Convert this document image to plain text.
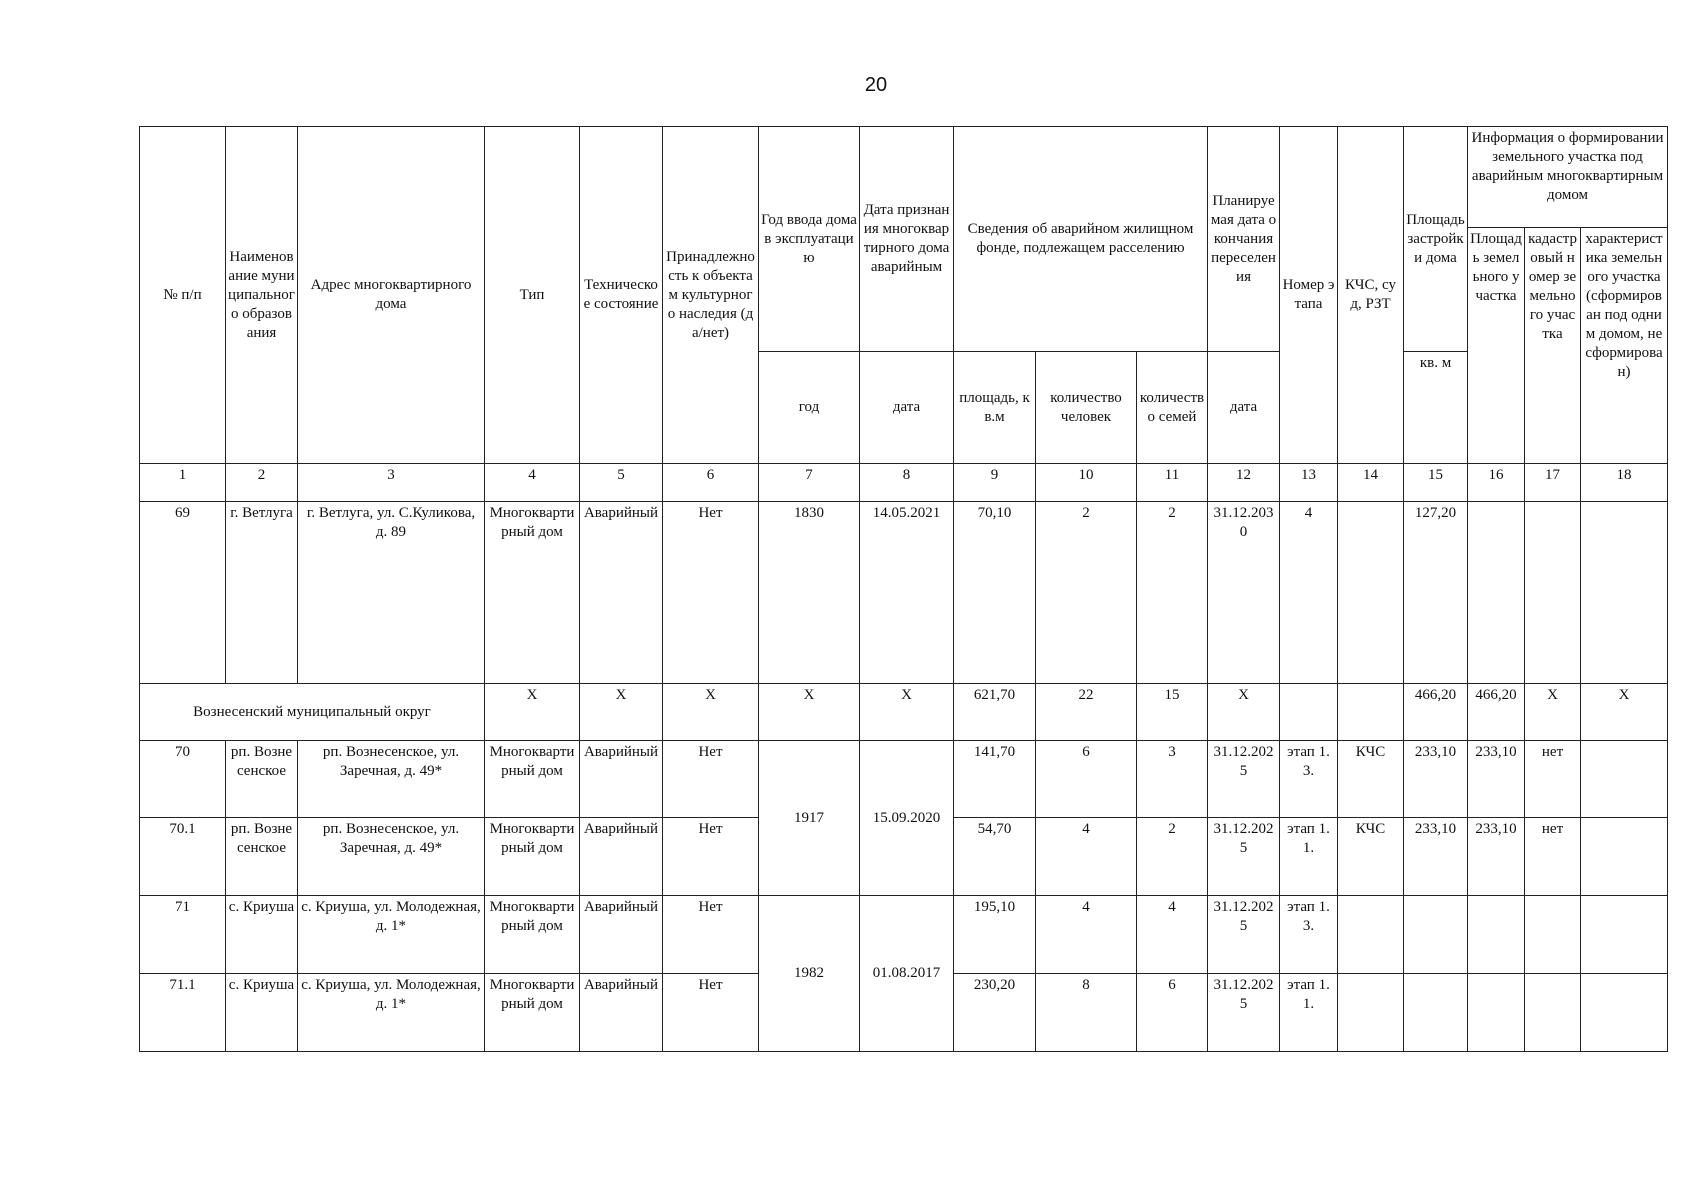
20
№ п/п	Наименование муниципального образования	Адрес многоквартирного дома	Тип	Техническое состояние	Принадлежность к объектам культурного наследия (да/нет)	Год ввода дома в эксплуатацию	Дата признания многоквартирного дома аварийным	Сведения об аварийном жилищном фонде, подлежащем расселению			Планируемая дата окончания переселения	Номер этапа	КЧС, суд, РЗТ	Площадь застройки дома	Информация о формировании земельного участка под аварийным многоквартирным домом		
															Площадь земельного участка	кадастровый номер земельного участка	характеристика земельного участка (сформирован под одним домом, не сформирован)
						год	дата	площадь, кв.м	количество человек	количество семей	дата			кв. м			
1	2	3	4	5	6	7	8	9	10	11	12	13	14	15	16	17	18
69	г. Ветлуга	г. Ветлуга, ул. С.Куликова, д. 89	Многоквартирный дом	Аварийный	Нет	1830	14.05.2021	70,10	2	2	31.12.2030	4		127,20			
Вознесенский муниципальный округ			Х	Х	Х	Х	Х	621,70	22	15	Х			466,20	466,20	Х	Х
70	рп. Вознесенское	рп. Вознесенское, ул. Заречная, д. 49*	Многоквартирный дом	Аварийный	Нет	1917	15.09.2020	141,70	6	3	31.12.2025	этап 1.3.	КЧС	233,10	233,10	нет	
70.1	рп. Вознесенское	рп. Вознесенское, ул. Заречная, д. 49*	Многоквартирный дом	Аварийный	Нет			54,70	4	2	31.12.2025	этап 1.1.	КЧС	233,10	233,10	нет	
71	с. Криуша	с. Криуша, ул. Молодежная, д. 1*	Многоквартирный дом	Аварийный	Нет	1982	01.08.2017	195,10	4	4	31.12.2025	этап 1.3.					
71.1	с. Криуша	с. Криуша, ул. Молодежная, д. 1*	Многоквартирный дом	Аварийный	Нет			230,20	8	6	31.12.2025	этап 1.1.					
